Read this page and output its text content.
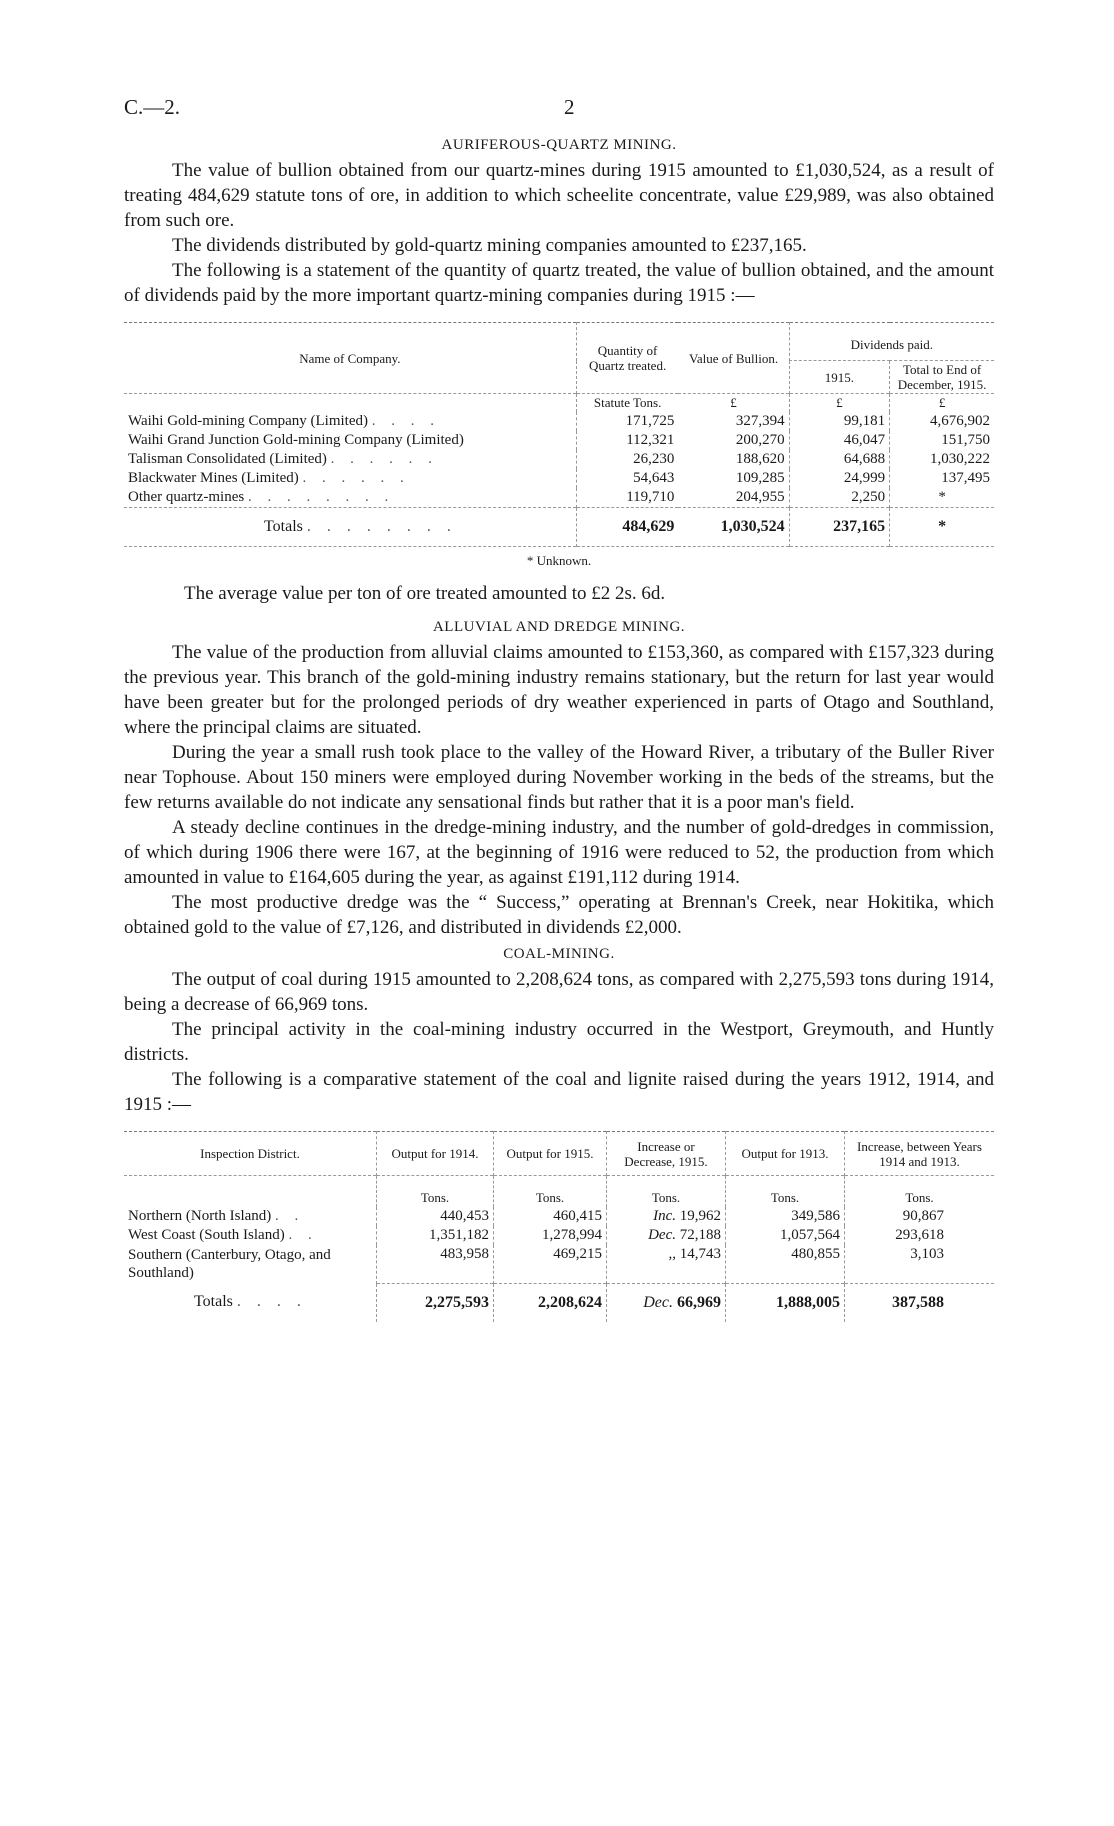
C.—2.	2
AURIFEROUS-QUARTZ MINING.

The value of bullion obtained from our quartz-mines during 1915 amounted to £1,030,524, as a result of treating 484,629 statute tons of ore, in addition to which scheelite concentrate, value £29,989, was also obtained from such ore.

The dividends distributed by gold-quartz mining companies amounted to £237,165.

The following is a statement of the quantity of quartz treated, the value of bullion obtained, and the amount of dividends paid by the more important quartz-mining companies during 1915 :—

Name of Company.	Quantity of Quartz treated.	Value of Bullion.	Dividends paid.	
			1915.	Total to End of December, 1915.

	Statute Tons.	£	£	£
Waihi Gold-mining Company (Limited) . . . .	171,725	327,394	99,181	4,676,902
Waihi Grand Junction Gold-mining Company (Limited)	112,321	200,270	46,047	151,750
Talisman Consolidated (Limited) . . . . . .	26,230	188,620	64,688	1,030,222
Blackwater Mines (Limited) . . . . . .	54,643	109,285	24,999	137,495
Other quartz-mines . . . . . . . .	119,710	204,955	2,250	*
Totals . . . . . . . .	484,629	1,030,524	237,165	*

* Unknown.
The average value per ton of ore treated amounted to £2 2s. 6d.
ALLUVIAL AND DREDGE MINING.

The value of the production from alluvial claims amounted to £153,360, as compared with £157,323 during the previous year. This branch of the gold-mining industry remains stationary, but the return for last year would have been greater but for the prolonged periods of dry weather experienced in parts of Otago and Southland, where the principal claims are situated.

During the year a small rush took place to the valley of the Howard River, a tributary of the Buller River near Tophouse. About 150 miners were employed during November working in the beds of the streams, but the few returns available do not indicate any sensational finds but rather that it is a poor man's field.

A steady decline continues in the dredge-mining industry, and the number of gold-dredges in commission, of which during 1906 there were 167, at the beginning of 1916 were reduced to 52, the production from which amounted in value to £164,605 during the year, as against £191,112 during 1914.

The most productive dredge was the “ Success,” operating at Brennan's Creek, near Hokitika, which obtained gold to the value of £7,126, and distributed in dividends £2,000.

COAL-MINING.

The output of coal during 1915 amounted to 2,208,624 tons, as compared with 2,275,593 tons during 1914, being a decrease of 66,969 tons.

The principal activity in the coal-mining industry occurred in the Westport, Greymouth, and Huntly districts.

The following is a comparative statement of the coal and lignite raised during the years 1912, 1914, and 1915 :—

Inspection District.	Output for 1914.	Output for 1915.	Increase or Decrease, 1915.	Output for 1913.	Increase, between Years 1914 and 1913.

	Tons.	Tons.	Tons.	Tons.	Tons.
Northern (North Island) . .	440,453	460,415	Inc. 19,962	349,586	90,867
West Coast (South Island) . .	1,351,182	1,278,994	Dec. 72,188	1,057,564	293,618
Southern (Canterbury, Otago, and Southland)	483,958	469,215	,, 14,743	480,855	3,103
Totals . . . .	2,275,593	2,208,624	Dec. 66,969	1,888,005	387,588
